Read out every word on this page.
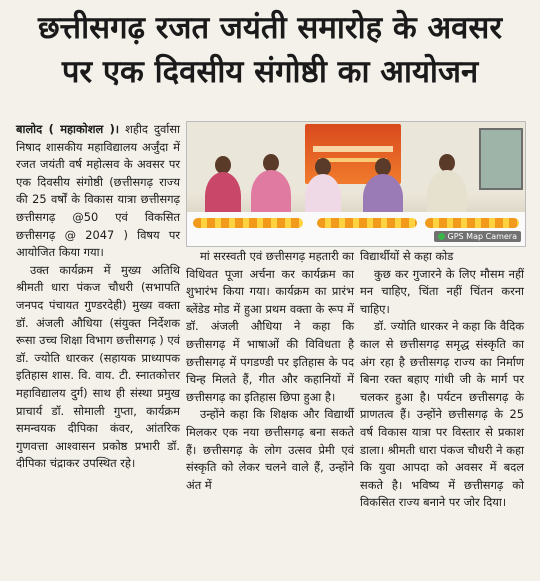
छत्तीसगढ़ रजत जयंती समारोह के अवसर
पर एक दिवसीय संगोष्ठी का आयोजन

बालोद ( महाकोशल )। शहीद दुर्वासा निषाद शासकीय महाविद्यालय अर्जुंदा में रजत जयंती वर्ष महोत्सव के अवसर पर एक दिवसीय संगोष्ठी (छत्तीसगढ़ राज्य की 25 वर्षों के विकास यात्रा छत्तीसगढ़ छत्तीसगढ़ @50 एवं विकसित छत्तीसगढ़ @ 2047 ) विषय पर आयोजित किया गया।

उक्त कार्यक्रम में मुख्य अतिथि श्रीमती धारा पंकज चौधरी (सभापति जनपद पंचायत गुण्डरदेही) मुख्य वक्ता डॉ. अंजली औधिया (संयुक्त निर्देशक रूसा उच्च शिक्षा विभाग छत्तीसगढ़ ) एवं डॉ. ज्योति धारकर (सहायक प्राध्यापक इतिहास शास. वि. वाय. टी. स्नातकोत्तर महाविद्यालय दुर्ग) साथ ही संस्था प्रमुख प्राचार्य डॉ. सोमाली गुप्ता, कार्यक्रम समन्वयक दीपिका कंवर, आंतरिक गुणवत्ता आश्वासन प्रकोष्ठ प्रभारी डॉ. दीपिका चंद्राकर उपस्थित रहे।

GPS Map Camera

मां सरस्वती एवं छत्तीसगढ़ महतारी का विधिवत पूजा अर्चना कर कार्यक्रम का शुभारंभ किया गया। कार्यक्रम का प्रारंभ ब्लेंडेड मोड में हुआ प्रथम वक्ता के रूप में डॉ. अंजली औधिया ने कहा कि छत्तीसगढ़ में भाषाओं की विविधता है छत्तीसगढ़ में पगडण्डी पर इतिहास के पद चिन्ह मिलते हैं, गीत और कहानियों में छत्तीसगढ़ का इतिहास छिपा हुआ है।

उन्होंने कहा कि शिक्षक और विद्यार्थी मिलकर एक नया छत्तीसगढ़ बना सकते हैं। छत्तीसगढ़ के लोग उत्सव प्रेमी एवं संस्कृति को लेकर चलने वाले हैं, उन्होंने अंत में

विद्यार्थीयों से कहा कोड

कुछ कर गुजारने के लिए मौसम नहीं मन चाहिए, चिंता नहीं चिंतन करना चाहिए।

डॉ. ज्योति धारकर ने कहा कि वैदिक काल से छत्तीसगढ़ समृद्ध संस्कृति का अंग रहा है छत्तीसगढ़ राज्य का निर्माण बिना रक्त बहाए गांधी जी के मार्ग पर चलकर हुआ है। पर्यटन छत्तीसगढ़ के प्राणतत्व हैं। उन्होंने छत्तीसगढ़ के 25 वर्ष विकास यात्रा पर विस्तार से प्रकाश डाला। श्रीमती धारा पंकज चौधरी ने कहा कि युवा आपदा को अवसर में बदल सकते है। भविष्य में छत्तीसगढ़ को विकसित राज्य बनाने पर जोर दिया।
